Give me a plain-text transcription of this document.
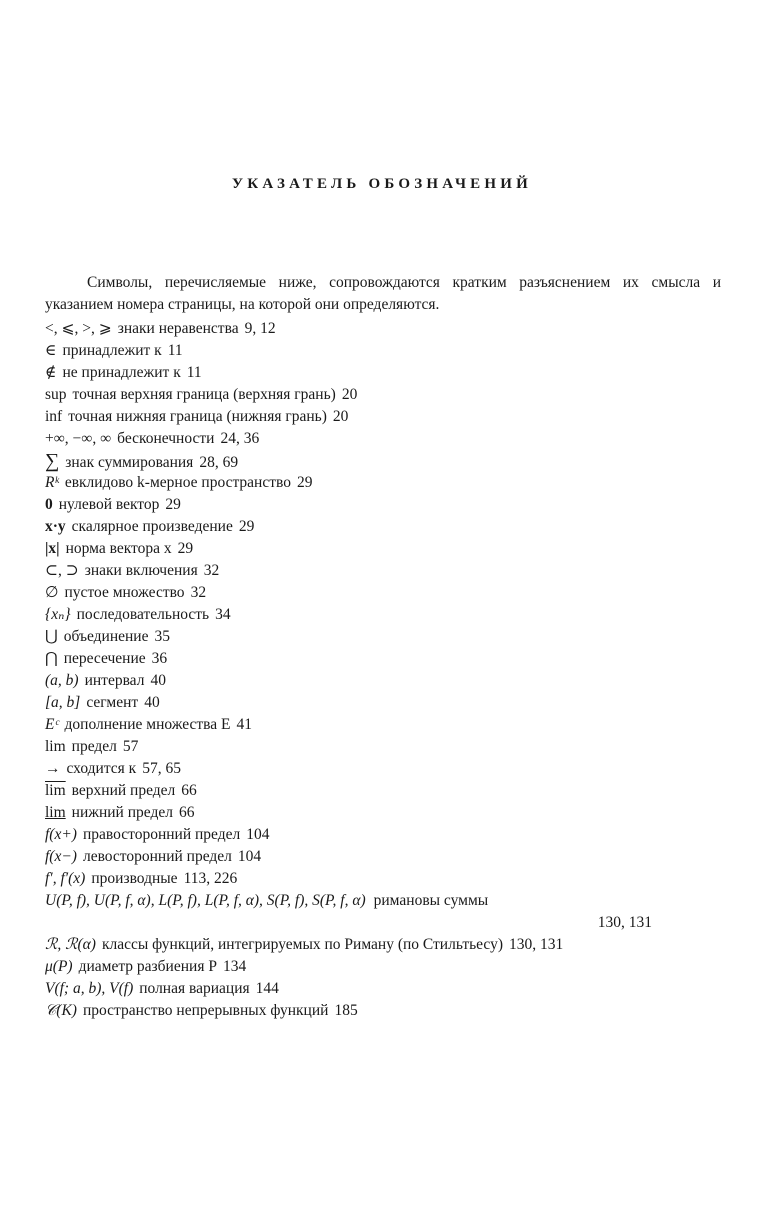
УКАЗАТЕЛЬ ОБОЗНАЧЕНИЙ
Символы, перечисляемые ниже, сопровождаются кратким разъяснением их смысла и указанием номера страницы, на которой они определяются.
<, ⩽, >, ⩾ знаки неравенства 9, 12
∈ принадлежит к 11
∉ не принадлежит к 11
sup точная верхняя граница (верхняя грань) 20
inf точная нижняя граница (нижняя грань) 20
+∞, −∞, ∞ бесконечности 24, 36
∑ знак суммирования 28, 69
Rᵏ евклидово k-мерное пространство 29
0 нулевой вектор 29
x·y скалярное произведение 29
|x| норма вектора x 29
⊂, ⊃ знаки включения 32
∅ пустое множество 32
{xₙ} последовательность 34
⋃ объединение 35
⋂ пересечение 36
(a, b) интервал 40
[a, b] сегмент 40
Eᶜ дополнение множества E 41
lim предел 57
→ сходится к 57, 65
$\overline{lim}$ верхний предел 66
lim нижний предел 66
f(x+) правосторонний предел 104
f(x−) левосторонний предел 104
f′, f′(x) производные 113, 226
U(P, f), U(P, f, α), L(P, f), L(P, f, α), S(P, f), S(P, f, α) римановы суммы
130, 131
ℛ, ℛ(α) классы функций, интегрируемых по Риману (по Стильтьесу) 130, 131
μ(P) диаметр разбиения P 134
V(f; a, b), V(f) полная вариация 144
𝒞(K) пространство непрерывных функций 185
